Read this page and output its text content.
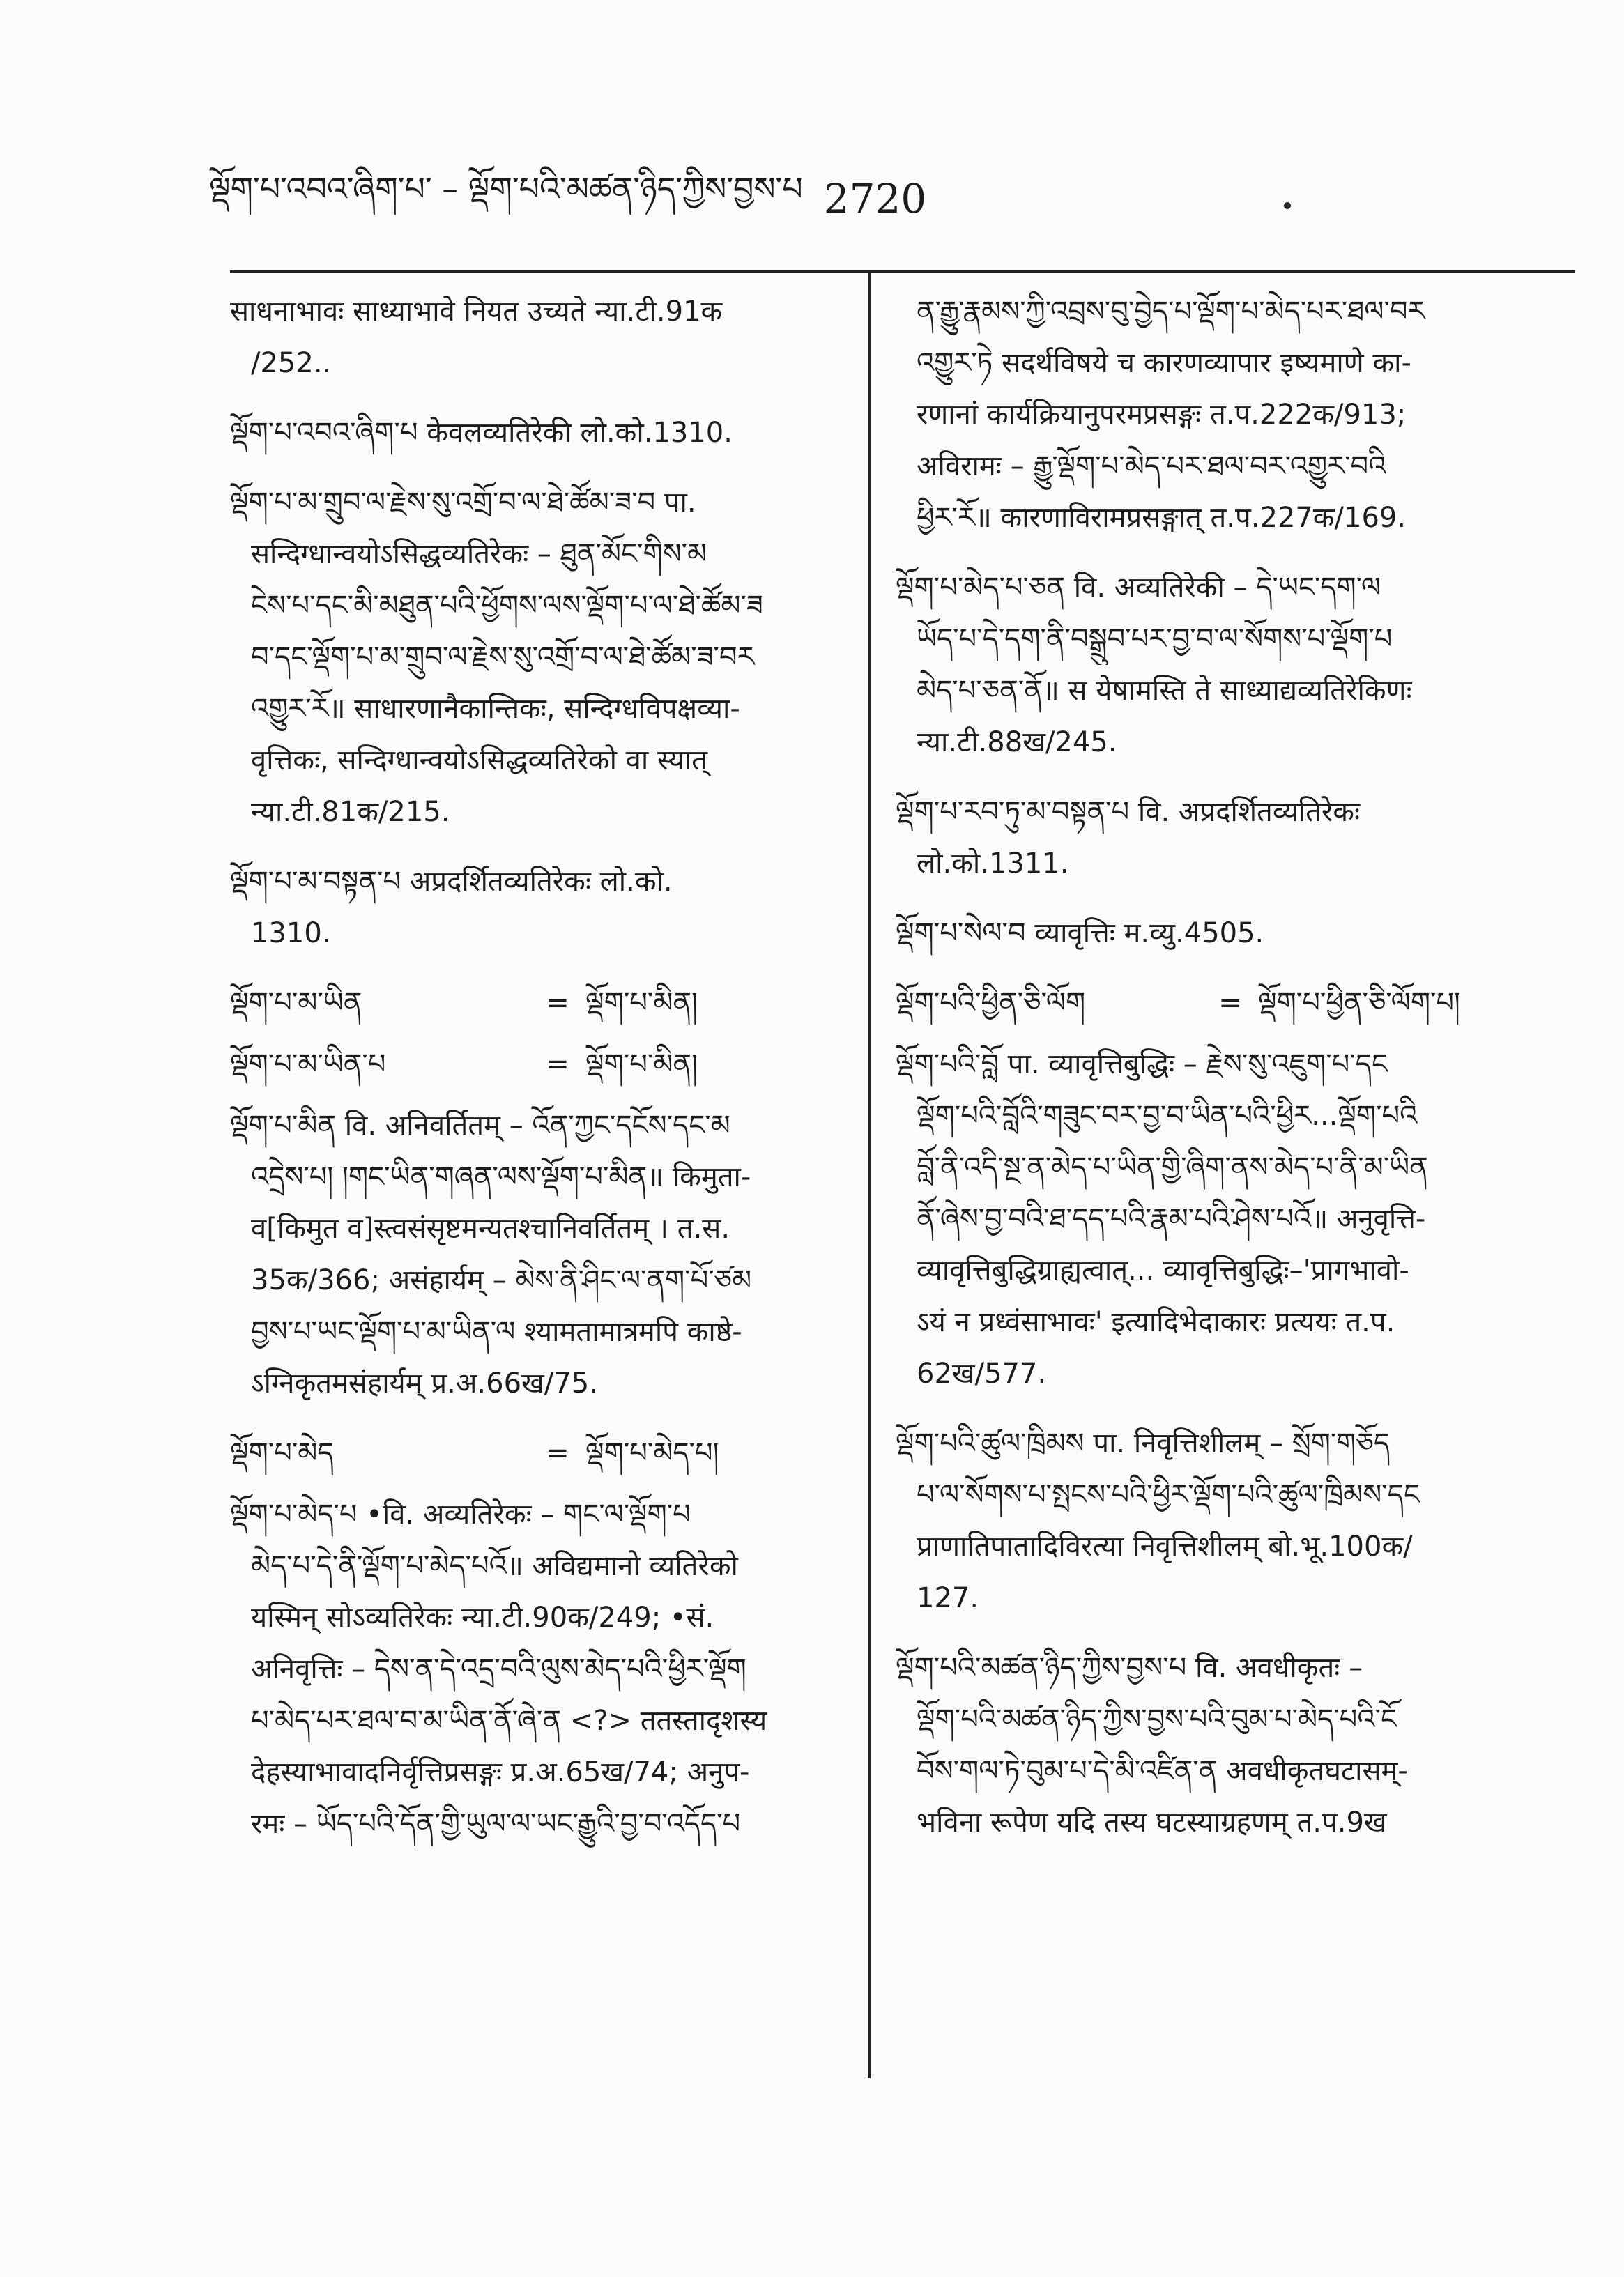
ལྡོག་པ་འབའ་ཞིག་པ་ – ལྡོག་པའི་མཚན་ཉིད་ཀྱིས་བྱས་པ 2720
साधनाभावः साध्याभावे नियत उच्यते न्या.टी.91क
/252..
ལྡོག་པ་འབའ་ཞིག་པ केवलव्यतिरेकी लो.को.1310.
ལྡོག་པ་མ་གྲུབ་ལ་རྗེས་སུ་འགྲོ་བ་ལ་ཐེ་ཚོམ་ཟ་བ पा.
सन्दिग्धान्वयोऽसिद्धव्यतिरेकः – ཐུན་མོང་གིས་མ
ངེས་པ་དང་མི་མཐུན་པའི་ཕྱོགས་ལས་ལྡོག་པ་ལ་ཐེ་ཚོམ་ཟ
བ་དང་ལྡོག་པ་མ་གྲུབ་ལ་རྗེས་སུ་འགྲོ་བ་ལ་ཐེ་ཚོམ་ཟ་བར
འགྱུར་རོ॥ साधारणानैकान्तिकः, सन्दिग्धविपक्षव्या-
वृत्तिकः, सन्दिग्धान्वयोऽसिद्धव्यतिरेको वा स्यात्
न्या.टी.81क/215.
ལྡོག་པ་མ་བསྟན་པ अप्रदर्शितव्यतिरेकः लो.को.
1310.
ལྡོག་པ་མ་ཡིན	= ལྡོག་པ་མིན།
ལྡོག་པ་མ་ཡིན་པ	= ལྡོག་པ་མིན།
ལྡོག་པ་མིན वि. अनिवर्तितम् – འོན་ཀྱང་དངོས་དང་མ
འདྲེས་པ། །གང་ཡིན་གཞན་ལས་ལྡོག་པ་མིན॥ किमुता-
व[किमुत व]स्त्वसंसृष्टमन्यतश्चानिवर्तितम् । त.स.
35क/366; असंहार्यम् – མེས་ནི་ཤིང་ལ་ནག་པོ་ཙམ
བྱས་པ་ཡང་ལྡོག་པ་མ་ཡིན་ལ श्यामतामात्रमपि काष्ठे-
ऽग्निकृतमसंहार्यम् प्र.अ.66ख/75.
ལྡོག་པ་མེད	= ལྡོག་པ་མེད་པ།
ལྡོག་པ་མེད་པ •वि. अव्यतिरेकः – གང་ལ་ལྡོག་པ
མེད་པ་དེ་ནི་ལྡོག་པ་མེད་པའོ॥ अविद्यमानो व्यतिरेको
यस्मिन् सोऽव्यतिरेकः न्या.टी.90क/249; •सं.
अनिवृत्तिः – དེས་ན་དེ་འདྲ་བའི་ལུས་མེད་པའི་ཕྱིར་ལྡོག
པ་མེད་པར་ཐལ་བ་མ་ཡིན་ནོ་ཞེ་ན <?> ततस्तादृशस्य
देहस्याभावादनिर्वृत्तिप्रसङ्गः प्र.अ.65ख/74; अनुप-
रमः – ཡོད་པའི་དོན་གྱི་ཡུལ་ལ་ཡང་རྒྱུའི་བྱ་བ་འདོད་པ
ན་རྒྱུ་རྣམས་ཀྱི་འབྲས་བུ་བྱེད་པ་ལྡོག་པ་མེད་པར་ཐལ་བར
འགྱུར་ཏེ सदर्थविषये च कारणव्यापार इष्यमाणे का-
रणानां कार्यक्रियानुपरमप्रसङ्गः त.प.222क/913;
अविरामः – རྒྱུ་ལྡོག་པ་མེད་པར་ཐལ་བར་འགྱུར་བའི
ཕྱིར་རོ॥ कारणाविरामप्रसङ्गात् त.प.227क/169.
ལྡོག་པ་མེད་པ་ཅན वि. अव्यतिरेकी – དེ་ཡང་དག་ལ
ཡོད་པ་དེ་དག་ནི་བསྒྲུབ་པར་བྱ་བ་ལ་སོགས་པ་ལྡོག་པ
མེད་པ་ཅན་ནོ॥ स येषामस्ति ते साध्याद्यव्यतिरेकिणः
न्या.टी.88ख/245.
ལྡོག་པ་རབ་ཏུ་མ་བསྟན་པ वि. अप्रदर्शितव्यतिरेकः
लो.को.1311.
ལྡོག་པ་སེལ་བ व्यावृत्तिः म.व्यु.4505.
ལྡོག་པའི་ཕྱིན་ཅི་ལོག	= ལྡོག་པ་ཕྱིན་ཅི་ལོག་པ།
ལྡོག་པའི་བློ पा. व्यावृत्तिबुद्धिः – རྗེས་སུ་འཇུག་པ་དང
ལྡོག་པའི་བློའི་གཟུང་བར་བྱ་བ་ཡིན་པའི་ཕྱིར...ལྡོག་པའི
བློ་ནི་འདི་སྔ་ན་མེད་པ་ཡིན་གྱི་ཞིག་ནས་མེད་པ་ནི་མ་ཡིན
ནོ་ཞེས་བྱ་བའི་ཐ་དད་པའི་རྣམ་པའི་ཤེས་པའོ॥ अनुवृत्ति-
व्यावृत्तिबुद्धिग्राह्यत्वात्... व्यावृत्तिबुद्धिः–'प्रागभावो-
ऽयं न प्रध्वंसाभावः' इत्यादिभेदाकारः प्रत्ययः त.प.
62ख/577.
ལྡོག་པའི་ཚུལ་ཁྲིམས पा. निवृत्तिशीलम् – སྲོག་གཅོད
པ་ལ་སོགས་པ་སྤངས་པའི་ཕྱིར་ལྡོག་པའི་ཚུལ་ཁྲིམས་དང
प्राणातिपातादिविरत्या निवृत्तिशीलम् बो.भू.100क/
127.
ལྡོག་པའི་མཚན་ཉིད་ཀྱིས་བྱས་པ वि. अवधीकृतः –
ལྡོག་པའི་མཚན་ཉིད་ཀྱིས་བྱས་པའི་བུམ་པ་མེད་པའི་ངོ
བོས་གལ་ཏེ་བུམ་པ་དེ་མི་འཛིན་ན अवधीकृतघटासम्-
भविना रूपेण यदि तस्य घटस्याग्रहणम् त.प.9ख
